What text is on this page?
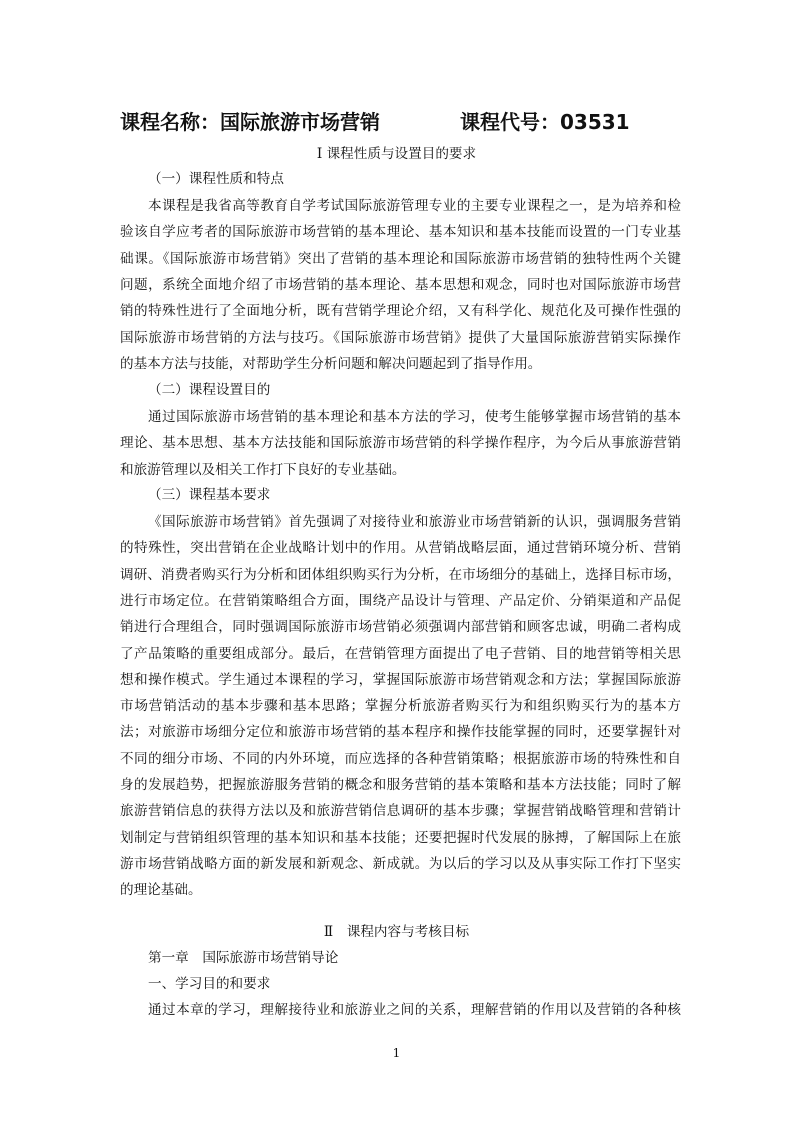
课程名称：国际旅游市场营销	课程代号：03531
I 课程性质与设置目的要求
（一）课程性质和特点
本课程是我省高等教育自学考试国际旅游管理专业的主要专业课程之一，是为培养和检
验该自学应考者的国际旅游市场营销的基本理论、基本知识和基本技能而设置的一门专业基
础课。《国际旅游市场营销》突出了营销的基本理论和国际旅游市场营销的独特性两个关键
问题，系统全面地介绍了市场营销的基本理论、基本思想和观念，同时也对国际旅游市场营
销的特殊性进行了全面地分析，既有营销学理论介绍，又有科学化、规范化及可操作性强的
国际旅游市场营销的方法与技巧。《国际旅游市场营销》提供了大量国际旅游营销实际操作
的基本方法与技能，对帮助学生分析问题和解决问题起到了指导作用。
（二）课程设置目的
通过国际旅游市场营销的基本理论和基本方法的学习，使考生能够掌握市场营销的基本
理论、基本思想、基本方法技能和国际旅游市场营销的科学操作程序，为今后从事旅游营销
和旅游管理以及相关工作打下良好的专业基础。
（三）课程基本要求
《国际旅游市场营销》首先强调了对接待业和旅游业市场营销新的认识，强调服务营销
的特殊性，突出营销在企业战略计划中的作用。从营销战略层面，通过营销环境分析、营销
调研、消费者购买行为分析和团体组织购买行为分析，在市场细分的基础上，选择目标市场，
进行市场定位。在营销策略组合方面，围绕产品设计与管理、产品定价、分销渠道和产品促
销进行合理组合，同时强调国际旅游市场营销必须强调内部营销和顾客忠诚，明确二者构成
了产品策略的重要组成部分。最后，在营销管理方面提出了电子营销、目的地营销等相关思
想和操作模式。学生通过本课程的学习，掌握国际旅游市场营销观念和方法；掌握国际旅游
市场营销活动的基本步骤和基本思路；掌握分析旅游者购买行为和组织购买行为的基本方
法；对旅游市场细分定位和旅游市场营销的基本程序和操作技能掌握的同时，还要掌握针对
不同的细分市场、不同的内外环境，而应选择的各种营销策略；根据旅游市场的特殊性和自
身的发展趋势，把握旅游服务营销的概念和服务营销的基本策略和基本方法技能；同时了解
旅游营销信息的获得方法以及和旅游营销信息调研的基本步骤；掌握营销战略管理和营销计
划制定与营销组织管理的基本知识和基本技能；还要把握时代发展的脉搏，了解国际上在旅
游市场营销战略方面的新发展和新观念、新成就。为以后的学习以及从事实际工作打下坚实
的理论基础。
Ⅱ　课程内容与考核目标
第一章　国际旅游市场营销导论
一、学习目的和要求
通过本章的学习，理解接待业和旅游业之间的关系，理解营销的作用以及营销的各种核
1
